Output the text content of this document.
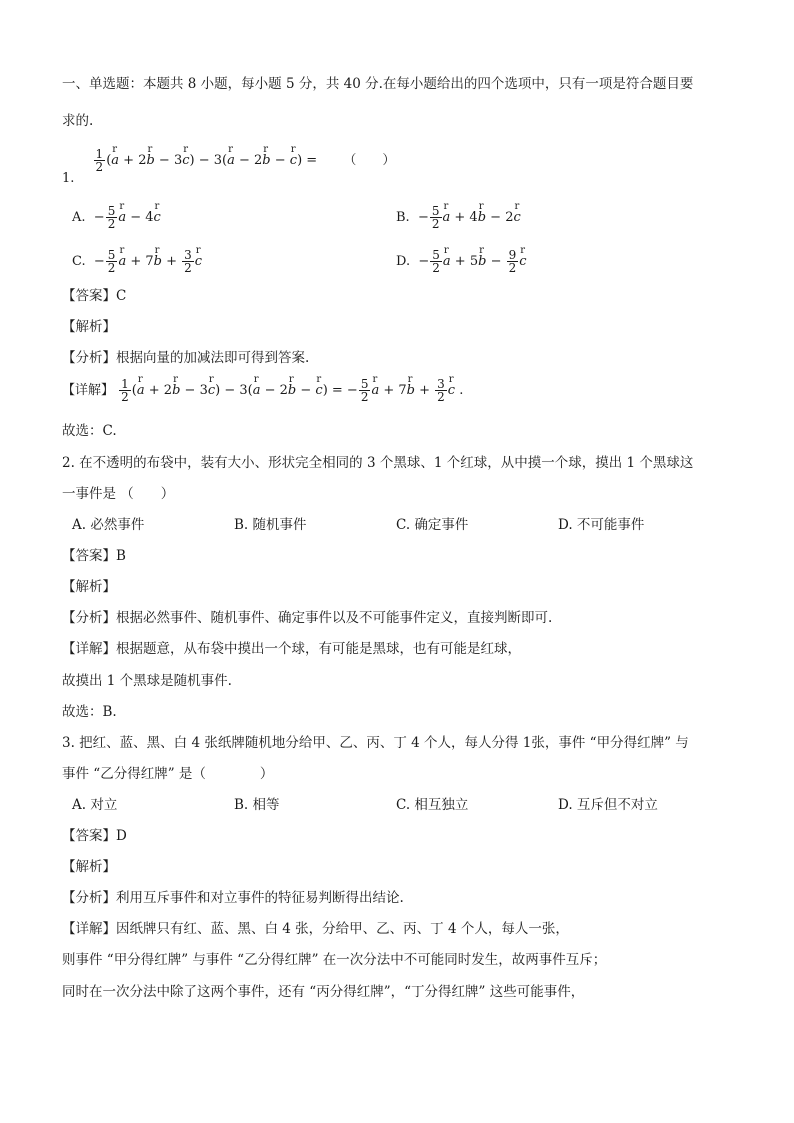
一、单选题：本题共 8 小题，每小题 5 分，共 40 分.在每小题给出的四个选项中，只有一项是符合题目要
求的.
1.
$\frac{1}{2} (r$ a + 2r b − 3r c) − 3(r a − 2r b − r c) = （　　）
A.  − $\frac{5}{2}$ r a − 4r c	B.  − $\frac{5}{2}$ r a + 4r b − 2r c
C.  − $\frac{5}{2}$ r a + 7r $b + \frac{3}{2}$ r c	D.  − $\frac{5}{2}$ r a + 5r $b - \frac{9}{2}$ r c
【答案】C
【解析】
【分析】根据向量的加减法即可得到答案.
【详解】 $\frac{1}{2} (r$ a + 2r b − 3r c) − 3(r a − 2r b − r c) = − $\frac{5}{2}$ r a + 7r $b + \frac{3}{2}$ r c .
故选：C.
2. 在不透明的布袋中，装有大小、形状完全相同的 3 个黑球、1 个红球，从中摸一个球，摸出 1 个黑球这
一事件是 （　　）
A. 必然事件	B. 随机事件	C. 确定事件	D. 不可能事件
【答案】B
【解析】
【分析】根据必然事件、随机事件、确定事件以及不可能事件定义，直接判断即可.
【详解】根据题意，从布袋中摸出一个球，有可能是黑球，也有可能是红球，
故摸出 1 个黑球是随机事件.
故选：B.
3. 把红、蓝、黑、白 4 张纸牌随机地分给甲、乙、丙、丁 4 个人，每人分得 1张，事件 “甲分得红牌” 与
事件 “乙分得红牌” 是（　　　　）
A. 对立	B. 相等	C. 相互独立	D. 互斥但不对立
【答案】D
【解析】
【分析】利用互斥事件和对立事件的特征易判断得出结论.
【详解】因纸牌只有红、蓝、黑、白 4 张，分给甲、乙、丙、丁 4 个人，每人一张，
则事件 “甲分得红牌” 与事件 “乙分得红牌” 在一次分法中不可能同时发生，故两事件互斥；
同时在一次分法中除了这两个事件，还有 “丙分得红牌”，“丁分得红牌” 这些可能事件，
